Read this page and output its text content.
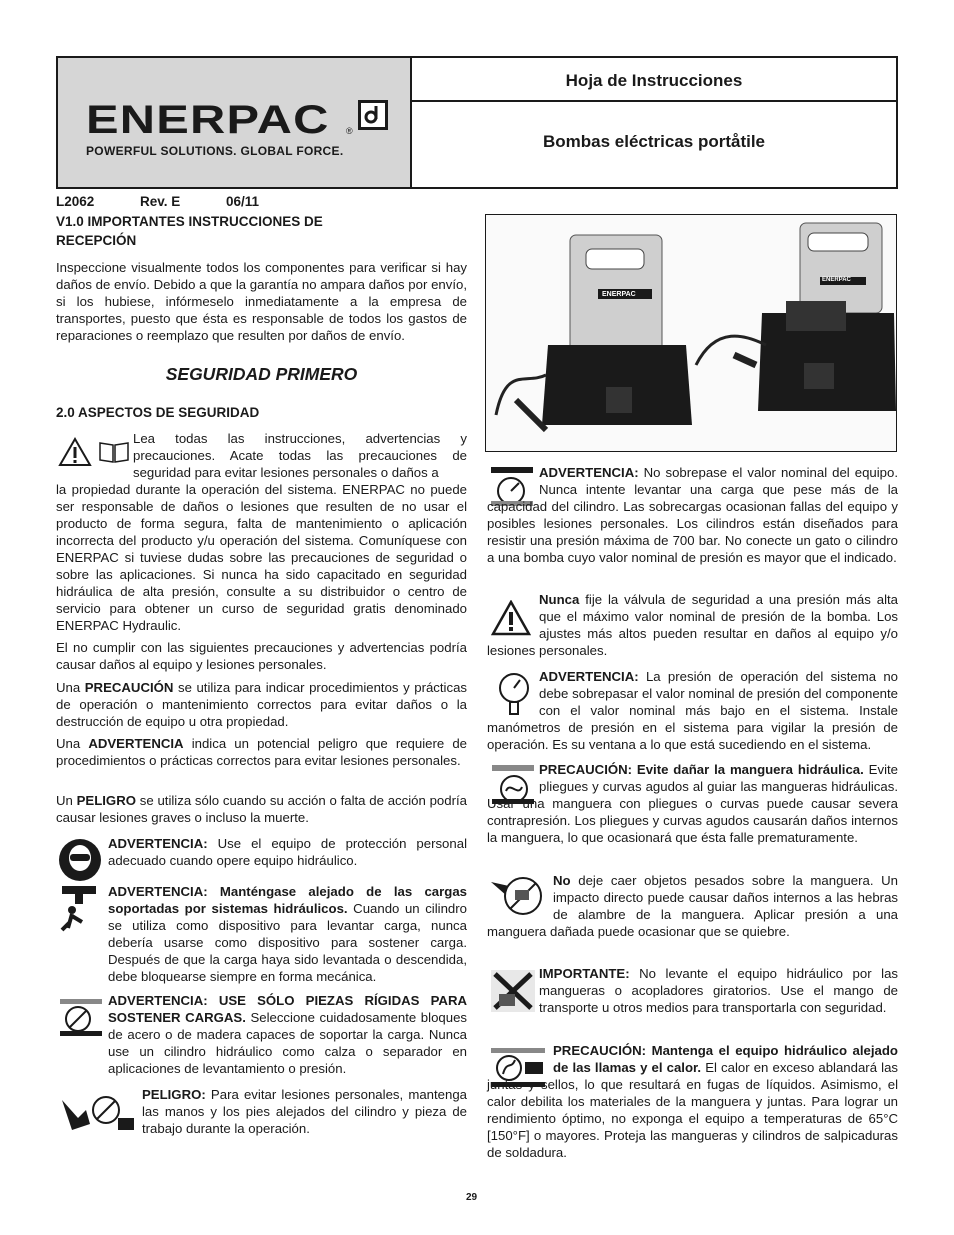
ENERPAC ®
POWERFUL SOLUTIONS. GLOBAL FORCE.
Hoja de Instrucciones
Bombas eléctricas portåtile
L2062	Rev. E	06/11
V1.0 IMPORTANTES INSTRUCCIONES DE RECEPCIÓN
Inspeccione visualmente todos los componentes para verificar si hay daños de envío. Debido a que la garantía no ampara daños por envío, si los hubiese, infórmeselo inmediatamente a la empresa de transportes, puesto que ésta es responsable de todos los gastos de reparaciones o reemplazo que resulten por daños de envío.
SEGURIDAD PRIMERO
2.0 ASPECTOS DE SEGURIDAD
Lea todas las instrucciones, advertencias y precauciones. Acate todas las precauciones de seguridad para evitar lesiones personales o daños a
la propiedad durante la operación del sistema. ENERPAC no puede ser responsable de daños o lesiones que resulten de no usar el producto de forma segura, falta de mantenimiento o aplicación incorrecta del producto y/u operación del sistema. Comuníquese con ENERPAC si tuviese dudas sobre las precauciones de seguridad o sobre las aplicaciones. Si nunca ha sido capacitado en seguridad hidráulica de alta presión, consulte a su distribuidor o centro de servicio para obtener un curso de seguridad gratis denominado ENERPAC Hydraulic.
El no cumplir con las siguientes precauciones y advertencias podría causar daños al equipo y lesiones personales.
Una PRECAUCIÓN se utiliza para indicar procedimientos y prácticas de operación o mantenimiento correctos para evitar daños o la destrucción de equipo u otra propiedad.
Una ADVERTENCIA indica un potencial peligro que requiere de procedimientos o prácticas correctos para evitar lesiones personales.
Un PELIGRO se utiliza sólo cuando su acción o falta de acción podría causar lesiones graves o incluso la muerte.
ADVERTENCIA: Use el equipo de protección personal adecuado cuando opere equipo hidráulico.
ADVERTENCIA: Manténgase alejado de las cargas soportadas por sistemas hidráulicos. Cuando un cilindro se utiliza como dispositivo para levantar carga, nunca debería usarse como dispositivo para sostener carga. Después de que la carga haya sido levantada o descendida, debe bloquearse siempre en forma mecánica.
ADVERTENCIA: USE SÓLO PIEZAS RÍGIDAS PARA SOSTENER CARGAS. Seleccione cuidadosamente bloques de acero o de madera capaces de soportar la carga. Nunca use un cilindro hidráulico como calza o separador en aplicaciones de levantamiento o presión.
PELIGRO: Para evitar lesiones personales, mantenga las manos y los pies alejados del cilindro y pieza de trabajo durante la operación.
ENERPAC
ENERPAC
ADVERTENCIA: No sobrepase el valor nominal del equipo. Nunca intente levantar una carga que pese más de la capacidad del cilindro. Las sobrecargas ocasionan fallas del equipo y posibles lesiones personales. Los cilindros están diseñados para resistir una presión máxima de 700 bar. No conecte un gato o cilindro a una bomba cuyo valor nominal de presión es mayor que el indicado.
Nunca fije la válvula de seguridad a una presión más alta que el máximo valor nominal de presión de la bomba. Los ajustes más altos pueden resultar en daños al equipo y/o lesiones personales.
ADVERTENCIA: La presión de operación del sistema no debe sobrepasar el valor nominal de presión del componente con el valor nominal más bajo en el sistema. Instale manómetros de presión en el sistema para vigilar la presión de operación. Es su ventana a lo que está sucediendo en el sistema.
PRECAUCIÓN: Evite dañar la manguera hidráulica. Evite pliegues y curvas agudos al guiar las mangueras hidráulicas. Usar una manguera con pliegues o curvas puede causar severa contrapresión. Los pliegues y curvas agudos causarán daños internos la manguera, lo que ocasionará que ésta falle prematuramente.
No deje caer objetos pesados sobre la manguera. Un impacto directo puede causar daños internos a las hebras de alambre de la manguera. Aplicar presión a una manguera dañada puede ocasionar que se quiebre.
IMPORTANTE: No levante el equipo hidráulico por las mangueras o acopladores giratorios. Use el mango de transporte u otros medios para transportarla con seguridad.
PRECAUCIÓN: Mantenga el equipo hidráulico alejado de las llamas y el calor. El calor en exceso ablandará las juntas y sellos, lo que resultará en fugas de líquidos. Asimismo, el calor debilita los materiales de la manguera y juntas. Para lograr un rendimiento óptimo, no exponga el equipo a temperaturas de 65°C [150°F] o mayores. Proteja las mangueras y cilindros de salpicaduras de soldadura.
29
